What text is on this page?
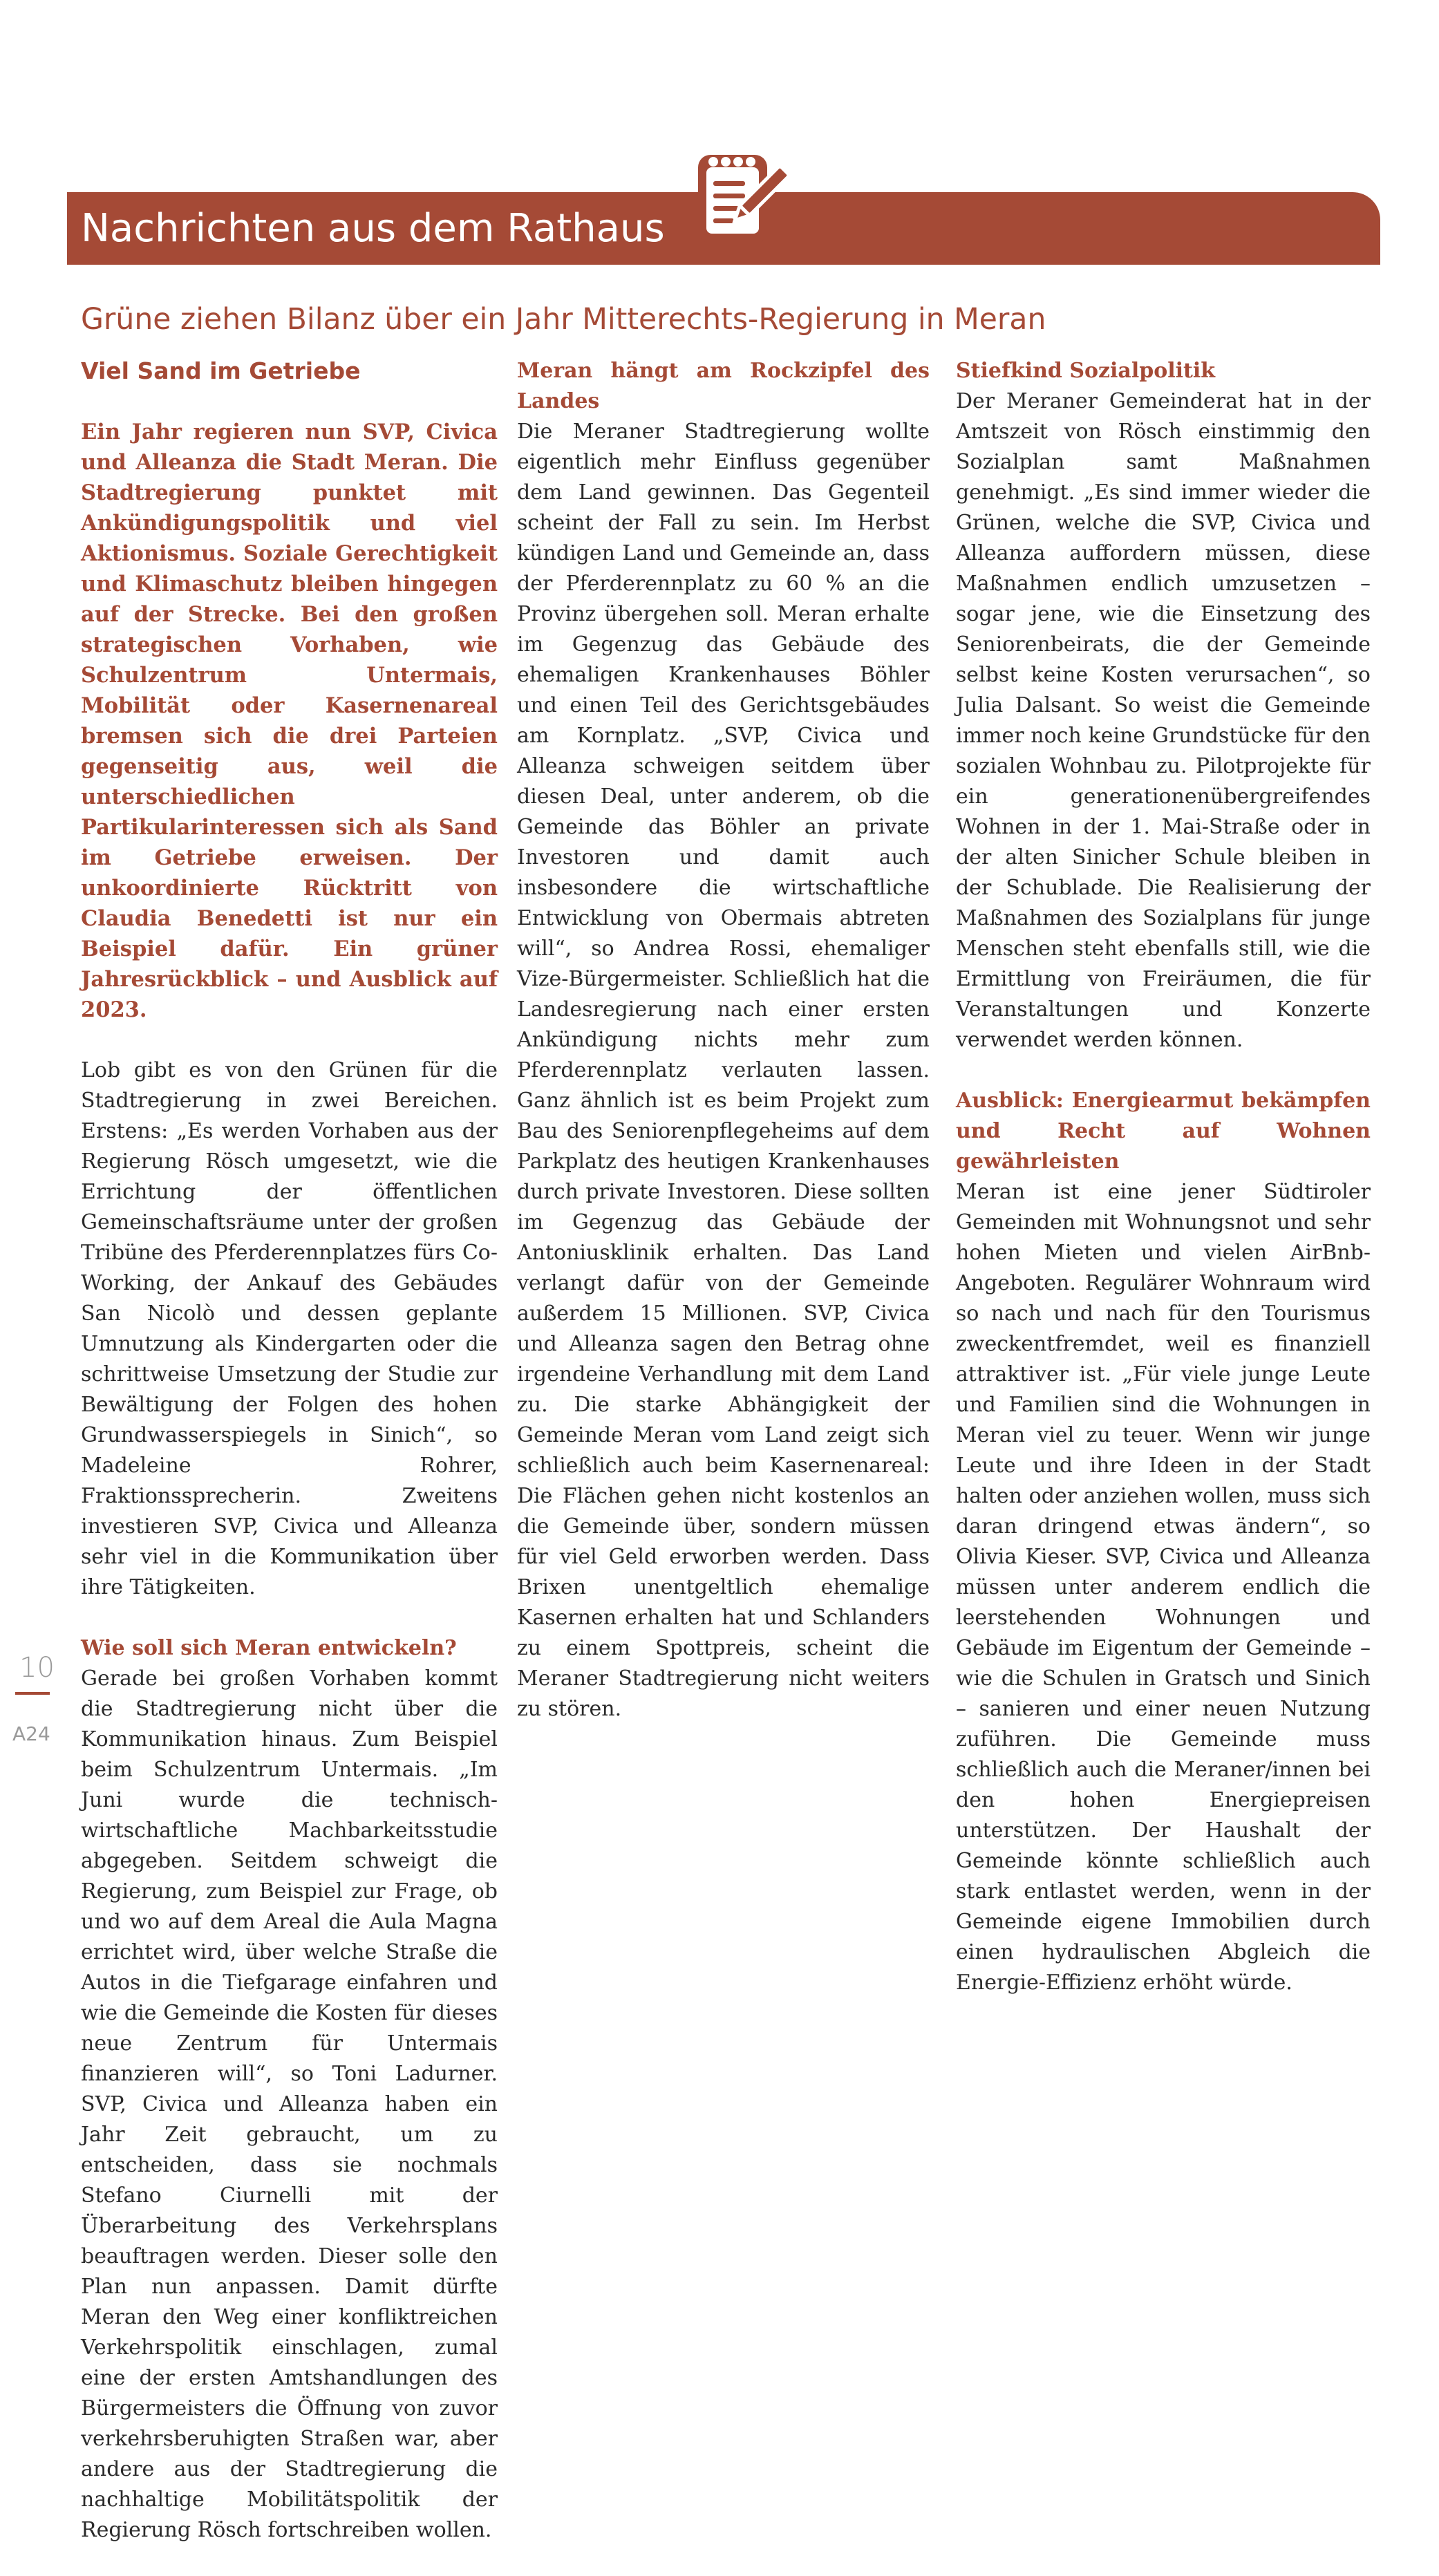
Nachrichten aus dem Rathaus
Grüne ziehen Bilanz über ein Jahr Mitterechts-Regierung in Meran
Viel Sand im Getriebe

Ein Jahr regieren nun SVP, Civica und Alleanza die Stadt Meran. Die Stadtregierung punktet mit Ankündigungspolitik und viel Aktionismus. Soziale Gerechtigkeit und Klimaschutz bleiben hingegen auf der Strecke. Bei den großen strategischen Vorhaben, wie Schulzentrum Untermais, Mobilität oder Kasernenareal bremsen sich die drei Parteien gegenseitig aus, weil die unterschiedlichen Partikularinteressen sich als Sand im Getriebe erweisen. Der unkoordinierte Rücktritt von Claudia Benedetti ist nur ein Beispiel dafür. Ein grüner Jahresrückblick – und Ausblick auf 2023.

Lob gibt es von den Grünen für die Stadtregierung in zwei Bereichen. Erstens: „Es werden Vorhaben aus der Regierung Rösch umgesetzt, wie die Errichtung der öffentlichen Gemeinschaftsräume unter der großen Tribüne des Pferderennplatzes fürs Co-Working, der Ankauf des Gebäudes San Nicolò und dessen geplante Umnutzung als Kindergarten oder die schrittweise Umsetzung der Studie zur Bewältigung der Folgen des hohen Grundwasserspiegels in Sinich“, so Madeleine Rohrer, Fraktionssprecherin. Zweitens investieren SVP, Civica und Alleanza sehr viel in die Kommunikation über ihre Tätigkeiten.

Wie soll sich Meran entwickeln?
Gerade bei großen Vorhaben kommt die Stadtregierung nicht über die Kommunikation hinaus. Zum Beispiel beim Schulzentrum Untermais. „Im Juni wurde die technisch-wirtschaftliche Machbarkeitsstudie abgegeben. Seitdem schweigt die Regierung, zum Beispiel zur Frage, ob und wo auf dem Areal die Aula Magna errichtet wird, über welche Straße die Autos in die Tiefgarage einfahren und wie die Gemeinde die Kosten für dieses neue Zentrum für Untermais finanzieren will“, so Toni Ladurner. SVP, Civica und Alleanza haben ein Jahr Zeit gebraucht, um zu entscheiden, dass sie nochmals Stefano Ciurnelli mit der Überarbeitung des Verkehrsplans beauftragen werden. Dieser solle den Plan nun anpassen. Damit dürfte Meran den Weg einer konfliktreichen Verkehrspolitik einschlagen, zumal eine der ersten Amtshandlungen des Bürgermeisters die Öffnung von zuvor verkehrsberuhigten Straßen war, aber andere aus der Stadtregierung die nachhaltige Mobilitätspolitik der Regierung Rösch fortschreiben wollen.

Meran hängt am Rockzipfel des Landes
Die Meraner Stadtregierung wollte eigentlich mehr Einfluss gegenüber dem Land gewinnen. Das Gegenteil scheint der Fall zu sein. Im Herbst kündigen Land und Gemeinde an, dass der Pferderennplatz zu 60 % an die Provinz übergehen soll. Meran erhalte im Gegenzug das Gebäude des ehemaligen Krankenhauses Böhler und einen Teil des Gerichtsgebäudes am Kornplatz. „SVP, Civica und Alleanza schweigen seitdem über diesen Deal, unter anderem, ob die Gemeinde das Böhler an private Investoren und damit auch insbesondere die wirtschaftliche Entwicklung von Obermais abtreten will“, so Andrea Rossi, ehemaliger Vize-Bürgermeister. Schließlich hat die Landesregierung nach einer ersten Ankündigung nichts mehr zum Pferderennplatz verlauten lassen. Ganz ähnlich ist es beim Projekt zum Bau des Seniorenpflegeheims auf dem Parkplatz des heutigen Krankenhauses durch private Investoren. Diese sollten im Gegenzug das Gebäude der Antoniusklinik erhalten. Das Land verlangt dafür von der Gemeinde außerdem 15 Millionen. SVP, Civica und Alleanza sagen den Betrag ohne irgendeine Verhandlung mit dem Land zu. Die starke Abhängigkeit der Gemeinde Meran vom Land zeigt sich schließlich auch beim Kasernenareal: Die Flächen gehen nicht kostenlos an die Gemeinde über, sondern müssen für viel Geld erworben werden. Dass Brixen unentgeltlich ehemalige Kasernen erhalten hat und Schlanders zu einem Spottpreis, scheint die Meraner Stadtregierung nicht weiters zu stören.

Stiefkind Sozialpolitik
Der Meraner Gemeinderat hat in der Amtszeit von Rösch einstimmig den Sozialplan samt Maßnahmen genehmigt. „Es sind immer wieder die Grünen, welche die SVP, Civica und Alleanza auffordern müssen, diese Maßnahmen endlich umzusetzen – sogar jene, wie die Einsetzung des Seniorenbeirats, die der Gemeinde selbst keine Kosten verursachen“, so Julia Dalsant. So weist die Gemeinde immer noch keine Grundstücke für den sozialen Wohnbau zu. Pilotprojekte für ein generationenübergreifendes Wohnen in der 1. Mai-Straße oder in der alten Sinicher Schule bleiben in der Schublade. Die Realisierung der Maßnahmen des Sozialplans für junge Menschen steht ebenfalls still, wie die Ermittlung von Freiräumen, die für Veranstaltungen und Konzerte verwendet werden können.

Ausblick: Energiearmut bekämpfen und Recht auf Wohnen gewährleisten
Meran ist eine jener Südtiroler Gemeinden mit Wohnungsnot und sehr hohen Mieten und vielen AirBnb-Angeboten. Regulärer Wohnraum wird so nach und nach für den Tourismus zweckentfremdet, weil es finanziell attraktiver ist. „Für viele junge Leute und Familien sind die Wohnungen in Meran viel zu teuer. Wenn wir junge Leute und ihre Ideen in der Stadt halten oder anziehen wollen, muss sich daran dringend etwas ändern“, so Olivia Kieser. SVP, Civica und Alleanza müssen unter anderem endlich die leerstehenden Wohnungen und Gebäude im Eigentum der Gemeinde – wie die Schulen in Gratsch und Sinich – sanieren und einer neuen Nutzung zuführen. Die Gemeinde muss schließlich auch die Meraner/innen bei den hohen Energiepreisen unterstützen. Der Haushalt der Gemeinde könnte schließlich auch stark entlastet werden, wenn in der Gemeinde eigene Immobilien durch einen hydraulischen Abgleich die Energie-Effizienz erhöht würde.

10
A24
